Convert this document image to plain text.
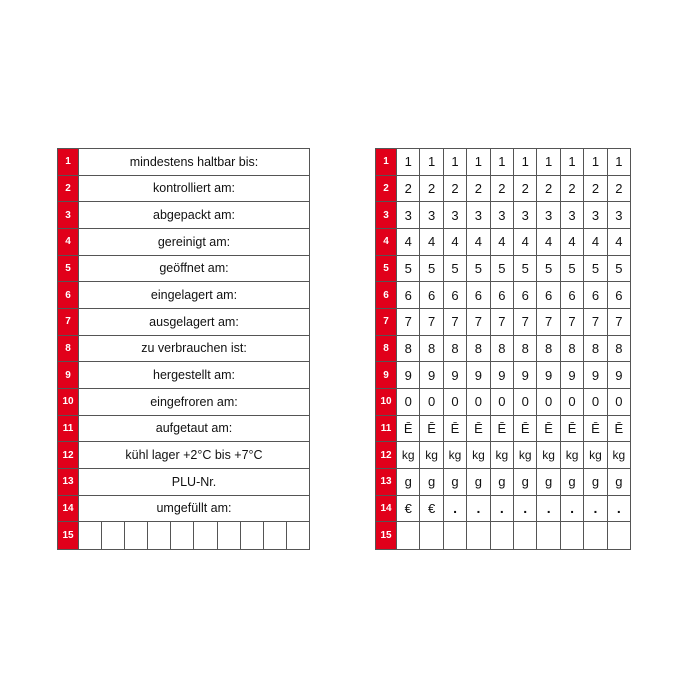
1	mindestens haltbar bis:
2	kontrolliert am:
3	abgepackt am:
4	gereinigt am:
5	geöffnet am:
6	eingelagert am:
7	ausgelagert am:
8	zu verbrauchen ist:
9	hergestellt am:
10	eingefroren am:
11	aufgetaut am:
12	kühl lager +2°C bis +7°C
13	PLU-Nr.
14	umgefüllt am:
15
1	1	1	1	1	1	1	1	1	1	1
2	2	2	2	2	2	2	2	2	2	2
3	3	3	3	3	3	3	3	3	3	3
4	4	4	4	4	4	4	4	4	4	4
5	5	5	5	5	5	5	5	5	5	5
6	6	6	6	6	6	6	6	6	6	6
7	7	7	7	7	7	7	7	7	7	7
8	8	8	8	8	8	8	8	8	8	8
9	9	9	9	9	9	9	9	9	9	9
10	0	0	0	0	0	0	0	0	0	0
11 Ē	Ē	Ē	Ē	Ē	Ē	Ē	Ē	Ē	Ē
12 kg kg kg kg kg kg kg kg kg kg
13	g	g	g	g	g	g	g	g	g	g
14	€	€	.	.	.	.	.	.	.	.
15
